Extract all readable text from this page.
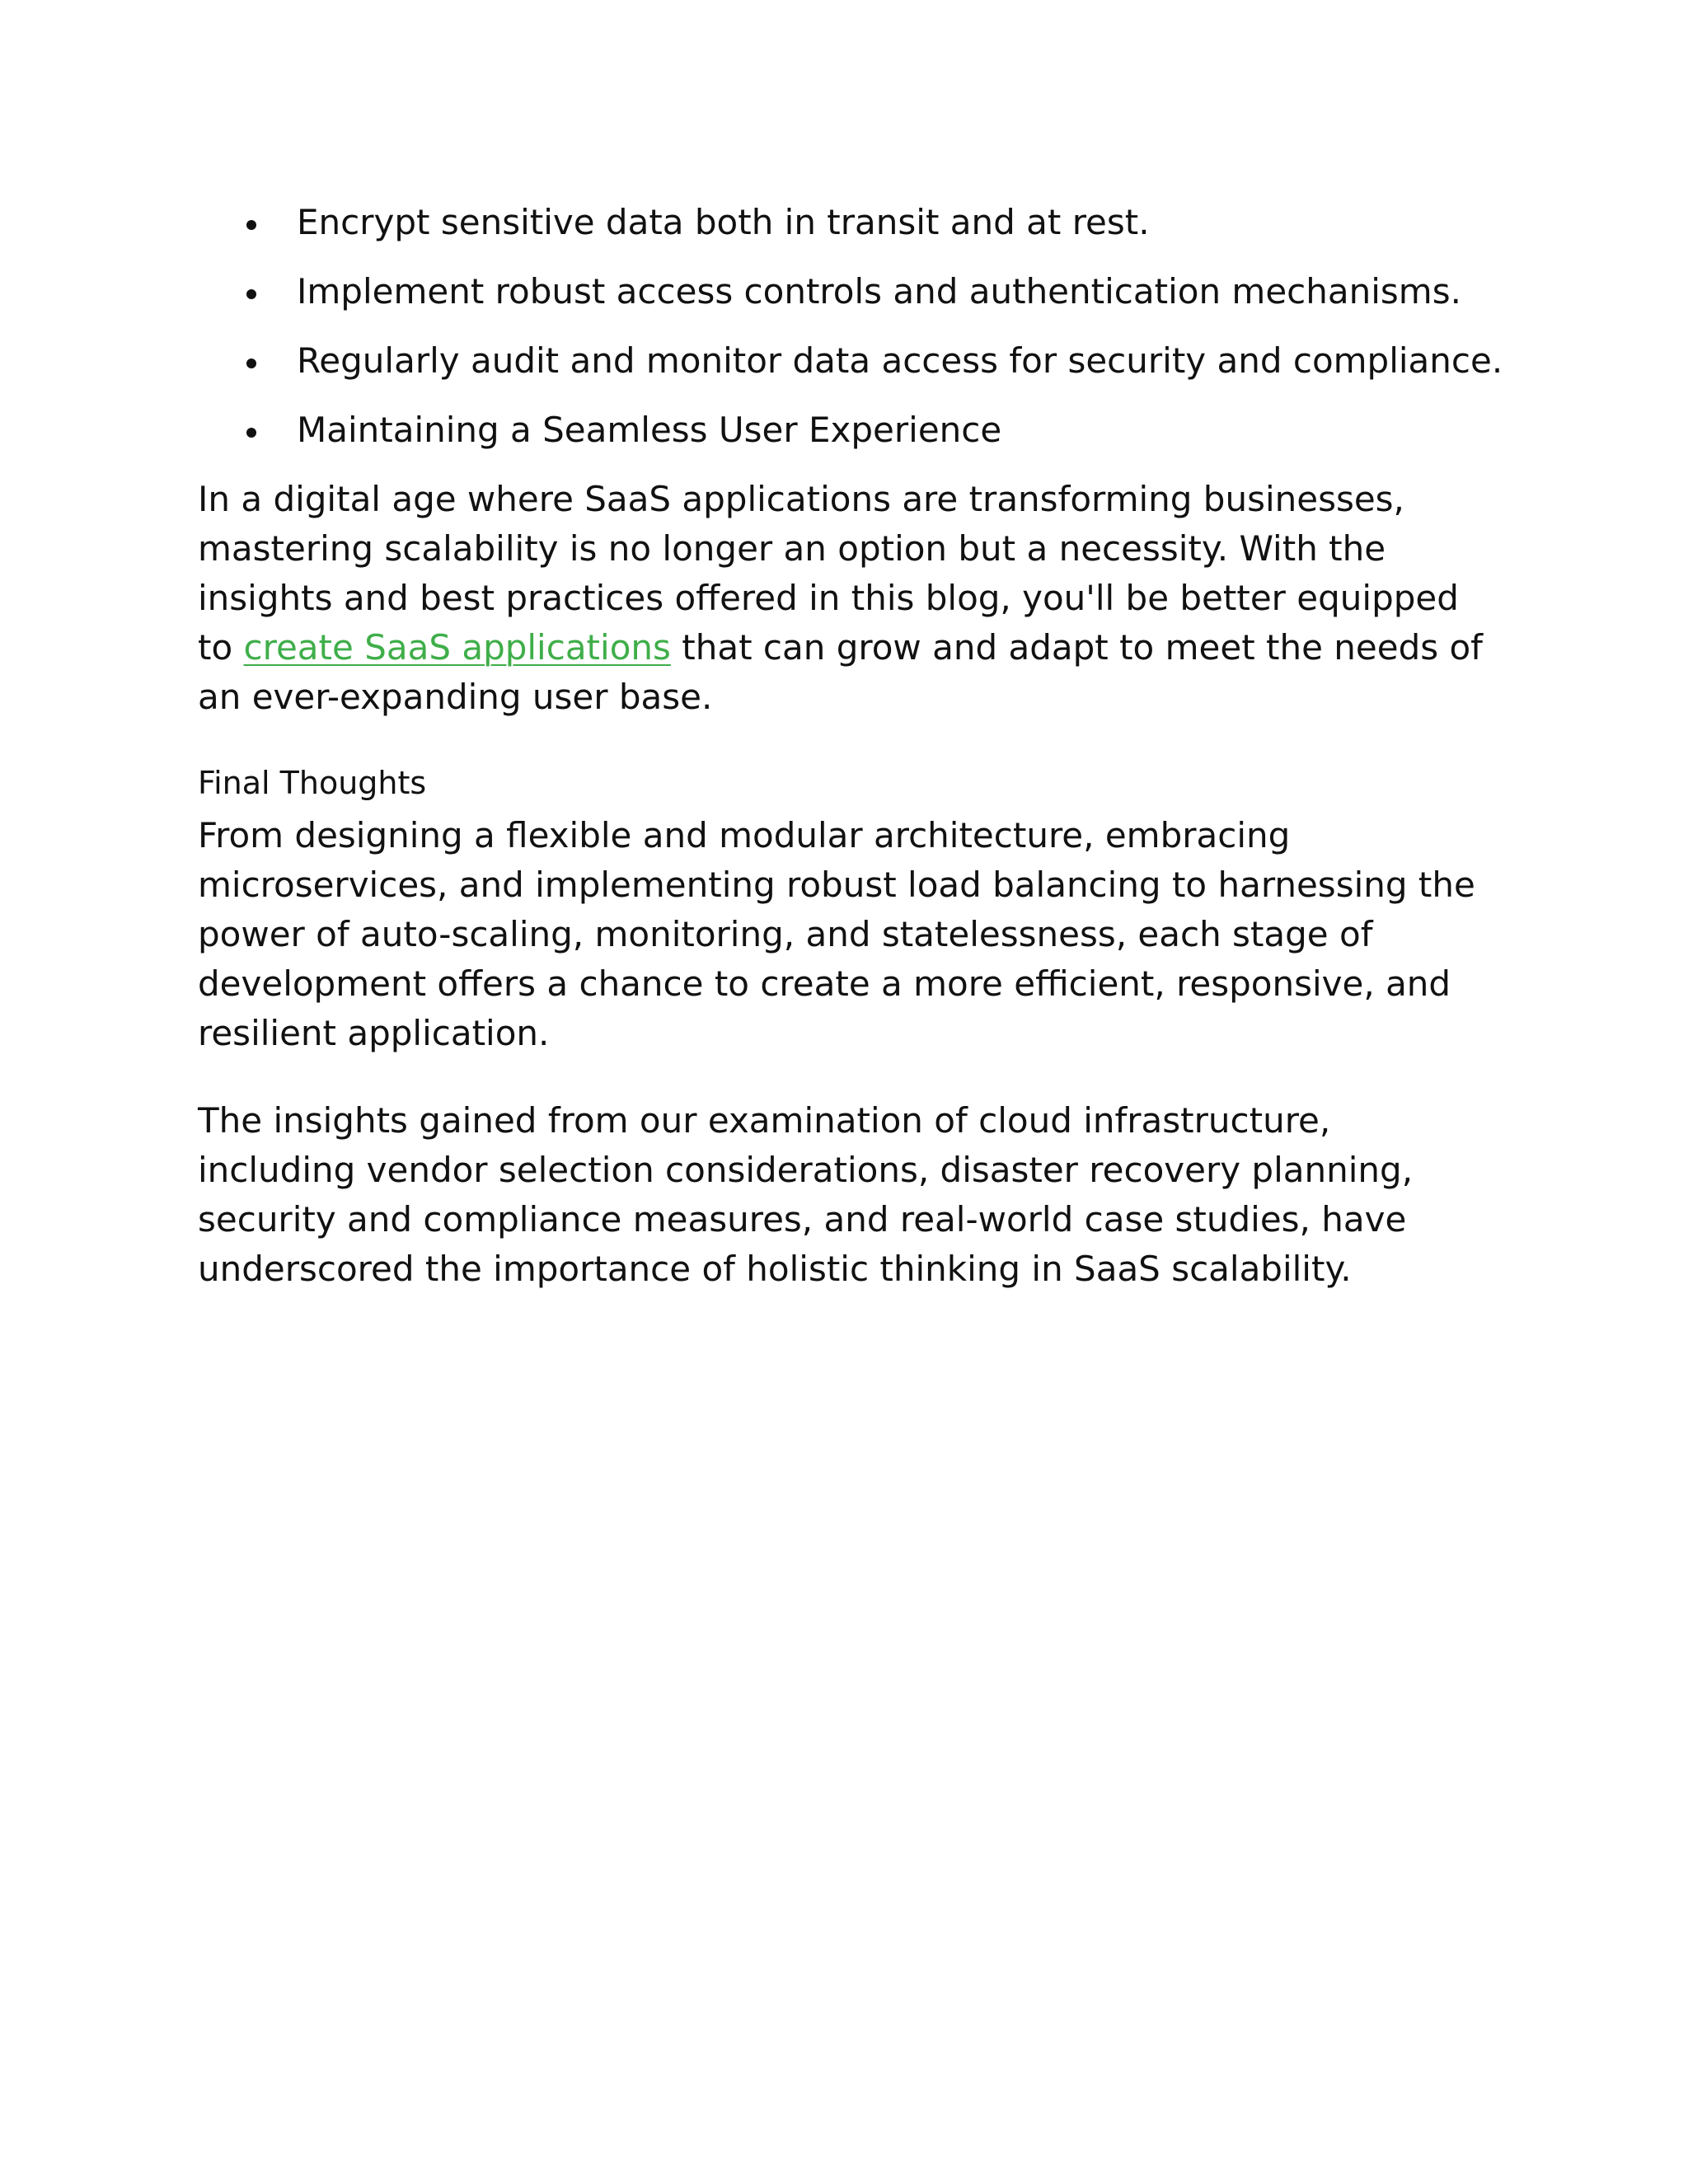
Encrypt sensitive data both in transit and at rest.
Implement robust access controls and authentication mechanisms.
Regularly audit and monitor data access for security and compliance.
Maintaining a Seamless User Experience

In a digital age where SaaS applications are transforming businesses, mastering scalability is no longer an option but a necessity. With the insights and best practices offered in this blog, you'll be better equipped to create SaaS applications that can grow and adapt to meet the needs of an ever-expanding user base.

Final Thoughts

From designing a flexible and modular architecture, embracing microservices, and implementing robust load balancing to harnessing the power of auto-scaling, monitoring, and statelessness, each stage of development offers a chance to create a more efficient, responsive, and resilient application.

The insights gained from our examination of cloud infrastructure, including vendor selection considerations, disaster recovery planning, security and compliance measures, and real-world case studies, have underscored the importance of holistic thinking in SaaS scalability.
